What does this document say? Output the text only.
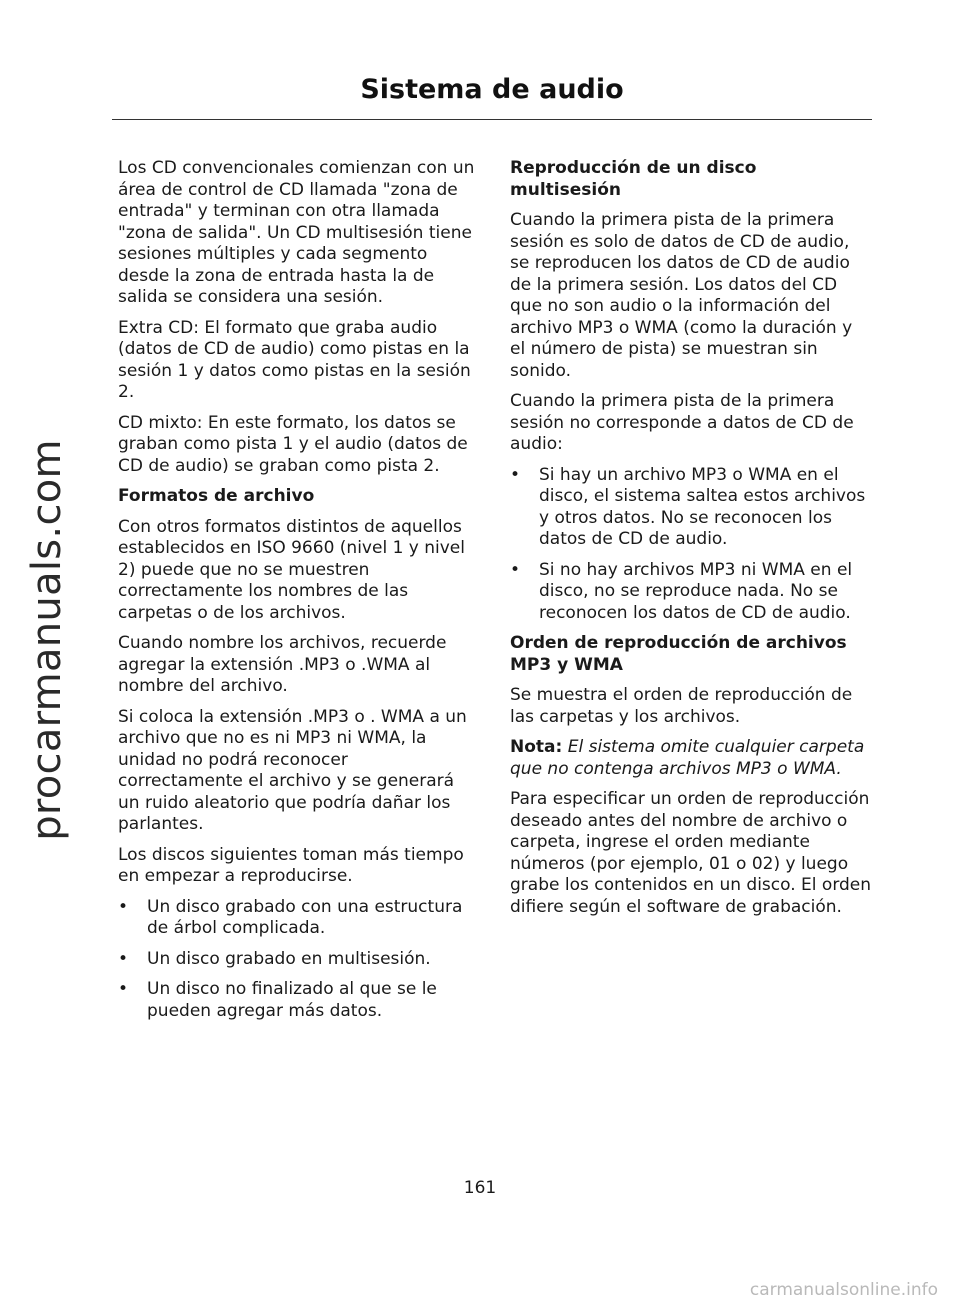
procarmanuals.com
Sistema de audio

Los CD convencionales comienzan con un área de control de CD llamada "zona de entrada" y terminan con otra llamada "zona de salida". Un CD multisesión tiene sesiones múltiples y cada segmento desde la zona de entrada hasta la de salida se considera una sesión.

Extra CD: El formato que graba audio (datos de CD de audio) como pistas en la sesión 1 y datos como pistas en la sesión 2.

CD mixto: En este formato, los datos se graban como pista 1 y el audio (datos de CD de audio) se graban como pista 2.

Formatos de archivo

Con otros formatos distintos de aquellos establecidos en ISO 9660 (nivel 1 y nivel 2) puede que no se muestren correctamente los nombres de las carpetas o de los archivos.

Cuando nombre los archivos, recuerde agregar la extensión .MP3 o .WMA al nombre del archivo.

Si coloca la extensión .MP3 o . WMA a un archivo que no es ni MP3 ni WMA, la unidad no podrá reconocer correctamente el archivo y se generará un ruido aleatorio que podría dañar los parlantes.

Los discos siguientes toman más tiempo en empezar a reproducirse.

• Un disco grabado con una estructura de árbol complicada.
• Un disco grabado en multisesión.
• Un disco no finalizado al que se le pueden agregar más datos.
Reproducción de un disco multisesión

Cuando la primera pista de la primera sesión es solo de datos de CD de audio, se reproducen los datos de CD de audio de la primera sesión. Los datos del CD que no son audio o la información del archivo MP3 o WMA (como la duración y el número de pista) se muestran sin sonido.

Cuando la primera pista de la primera sesión no corresponde a datos de CD de audio:

• Si hay un archivo MP3 o WMA en el disco, el sistema saltea estos archivos y otros datos. No se reconocen los datos de CD de audio.
• Si no hay archivos MP3 ni WMA en el disco, no se reproduce nada. No se reconocen los datos de CD de audio.
Orden de reproducción de archivos MP3 y WMA

Se muestra el orden de reproducción de las carpetas y los archivos.

Nota: El sistema omite cualquier carpeta que no contenga archivos MP3 o WMA.

Para especificar un orden de reproducción deseado antes del nombre de archivo o carpeta, ingrese el orden mediante números (por ejemplo, 01 o 02) y luego grabe los contenidos en un disco. El orden difiere según el software de grabación.

161
carmanualsonline.info
